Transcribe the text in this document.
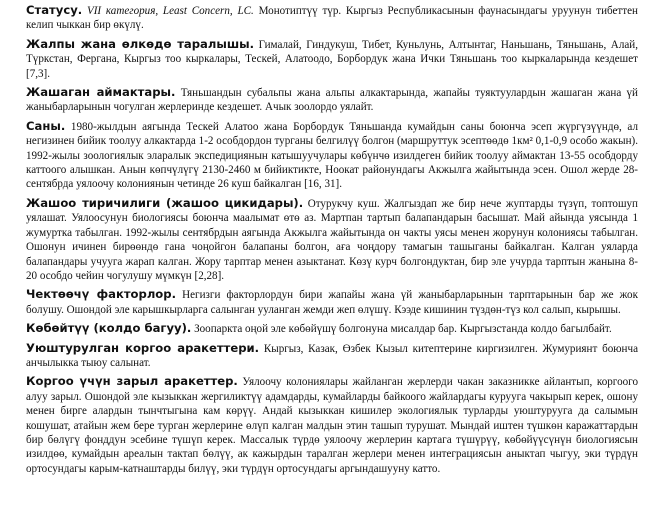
Статусу. VII категория, Least Concern, LC. Монотиптүү түр. Кыргыз Республикасынын фаунасындагы уруунун тибеттен келип чыккан бир өкүлү.

Жалпы жана өлкөдө таралышы. Гималай, Гиндукуш, Тибет, Куньлунь, Алтынтаг, Наньшань, Тяньшань, Алай, Түркстан, Фергана, Кыргыз тоо кыркалары, Тескей, Алатоодо, Борбордук жана Ички Тяньшань тоо кыркаларында кездешет [7,3].

Жашаган аймактары. Тяньшандын субальпы жана альпы алкактарында, жапайы туяктуулардын жашаган жана үй жаныбарларынын чогулган жерлеринде кездешет. Ачык зоолордо уялайт.

Саны. 1980-жылдын аягында Тескей Алатоо жана Борбордук Тяньшанда кумайдын саны боюнча эсеп жүргүзүүндө, ал негизинен бийик тоолуу алкактарда 1-2 особдордон турганы белгилүү болгон (маршруттук эсептөөдө 1км² 0,1-0,9 особо жакын). 1992-жылы зоологиялык эларалык экспедициянын катышуучулары көбүнчө изилдеген бийик тоолуу аймактан 13-55 особдорду каттоого алышкан. Анын көпчүлүгү 2130-2460 м бийиктикте, Ноокат районундагы Акжылга жайытында эсен. Ошол жерде 28-сентябрда уялоочу колониянын четинде 26 куш байкалган [16, 31].

Жашоо тиричилиги (жашоо цикидары). Отурукчу куш. Жалгыздап же бир нече жуптарды түзүп, топтошуп уялашат. Уялоосунун биологиясы боюнча маалымат өтө аз. Мартпан тартып балапандарын басышат. Май айында уясында 1 жумуртка табылган. 1992-жылы сентябрдын аягында Акжылга жайытында он чакты уясы менен жорунун колониясы табылган. Ошонун ичинен бирөөндө гана чоңойгон балапаны болгон, аға чоңдору тамагын ташыганы байкалган. Калган уяларда балапандары учууга жарап калган. Жору тарптар менен азыктанат. Көзү курч болгондуктан, бир эле учурда тарптын жанына 8-20 особдо чейин чогулушу мүмкүн [2,28].

Чектөөчү факторлор. Негизги факторлордун бири жапайы жана үй жаныбарларынын тарптарынын бар же жок болушу. Ошондой эле карышкырларга салынган ууланган жемди жеп өлүшү. Кээде кишинин түздөн-түз кол салып, кырышы.

Көбөйтүү (колдо багуу). Зоопаркта оңой эле көбөйүшү болгонуна мисалдар бар. Кыргызстанда колдо багылбайт.

Уюштурулган коргоо аракеттери. Кыргыз, Казак, Өзбек Кызыл китептерине киргизилген. Жумуриянт боюнча анчылыкка тыюу салынат.

Коргоо үчүн зарыл аракеттер. Уялоочу колониялары жайланган жерлерди чакан заказникке айлантып, коргоого алуу зарыл. Ошондой эле кызыккан жергиликтүү адамдарды, кумайларды байкоого жайлардагы курууга чакырып керек, ошону менен бирге алардын тынчтыгына кам көрүү. Андай кызыккан кишилер экологиялык турларды уюштурууга да салымын кошушат, атайын жем бере турган жерлерине өлүп калган малдын этин ташып турушат. Мындай иштен түшкөн каражаттардын бир бөлүгү фонддун эсебине түшүп керек. Массалык түрдө уялоочу жерлерин картага түшүрүү, көбөйүүсүнүн биологиясын изилдөө, кумайдын ареалын тактап бөлүү, ак кажырдын таралган жерлери менен интеграциясын аныктап чыгуу, эки түрдүн ортосундагы карым-катнаштарды билүү, эки түрдүн ортосундагы аргындашууну катто.
